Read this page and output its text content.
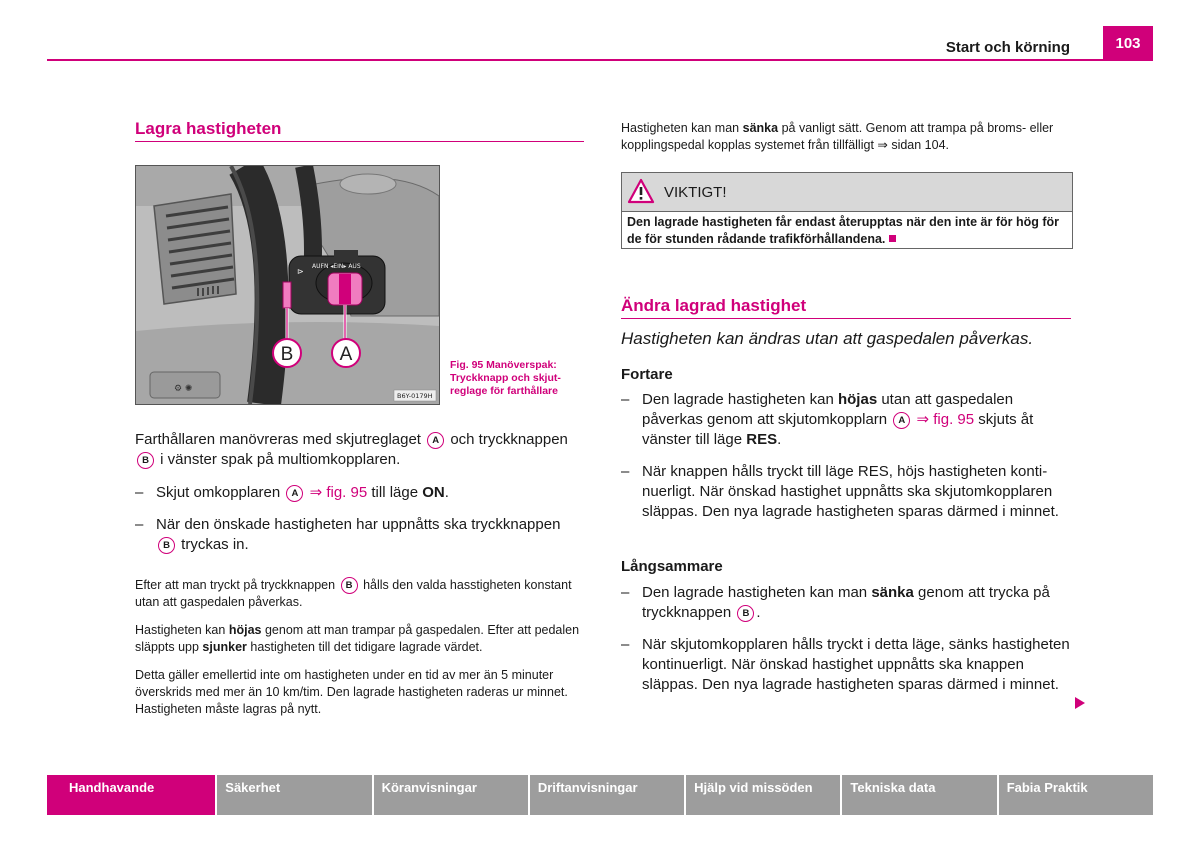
Start och körning	103
Lagra hastigheten
⚙ ✺
AUFN ◂EIN▸ AUS
⊳
B A
B6Y-0179H
Fig. 95 Manöverspak: Tryckknapp och skjutreglage för farthållare

Farthållaren manövreras med skjutreglaget A och tryckknappen B i vänster spak på multiomkopplaren.

– Skjut omkopplaren A ⇒ fig. 95 till läge ON.
– När den önskade hastigheten har uppnåtts ska tryckknappen B tryckas in.

Efter att man tryckt på tryckknappen B hålls den valda hasstigheten konstant utan att gaspedalen påverkas.

Hastigheten kan höjas genom att man trampar på gaspedalen. Efter att pedalen släppts upp sjunker hastigheten till det tidigare lagrade värdet.

Detta gäller emellertid inte om hastigheten under en tid av mer än 5 minuter överskrids med mer än 10 km/tim. Den lagrade hastigheten raderas ur minnet. Hastigheten måste lagras på nytt.

Hastigheten kan man sänka på vanligt sätt. Genom att trampa på broms- eller kopplingspedal kopplas systemet från tillfälligt ⇒ sidan 104.

VIKTIGT!
Den lagrade hastigheten får endast återupptas när den inte är för hög för de för stunden rådande trafikförhållandena.
Ändra lagrad hastighet

Hastigheten kan ändras utan att gaspedalen påverkas.

Fortare
– Den lagrade hastigheten kan höjas utan att gaspedalen påverkas genom att skjutomkopplarn A ⇒ fig. 95 skjuts åt vänster till läge RES.
– När knappen hålls tryckt till läge RES, höjs hastigheten kontinuerligt. När önskad hastighet uppnåtts ska skjutomkopplaren släppas. Den nya lagrade hastigheten sparas därmed i minnet.
Långsammare
– Den lagrade hastigheten kan man sänka genom att trycka på tryckknappen B .
– När skjutomkopplaren hålls tryckt i detta läge, sänks hastigheten kontinuerligt. När önskad hastighet uppnåtts ska knappen släppas. Den nya lagrade hastigheten sparas därmed i minnet.
Handhavande	Säkerhet	Köranvisningar	Driftanvisningar	Hjälp vid missöden	Tekniska data	Fabia Praktik
